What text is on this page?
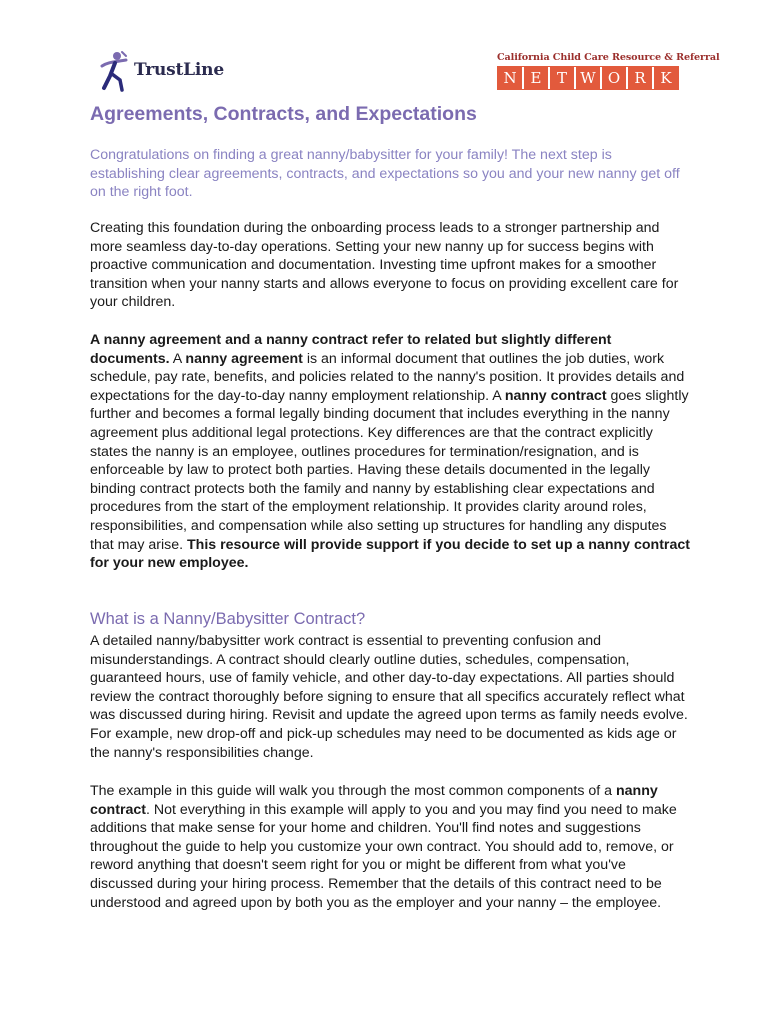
TrustLine
California Child Care Resource & Referral
N E	T W O R K
Agreements, Contracts, and Expectations

Congratulations on finding a great nanny/babysitter for your family! The next step is establishing clear agreements, contracts, and expectations so you and your new nanny get off on the right foot.

Creating this foundation during the onboarding process leads to a stronger partnership and more seamless day-to-day operations. Setting your new nanny up for success begins with proactive communication and documentation. Investing time upfront makes for a smoother transition when your nanny starts and allows everyone to focus on providing excellent care for your children.

A nanny agreement and a nanny contract refer to related but slightly different documents. A nanny agreement is an informal document that outlines the job duties, work schedule, pay rate, benefits, and policies related to the nanny's position. It provides details and expectations for the day-to-day nanny employment relationship. A nanny contract goes slightly further and becomes a formal legally binding document that includes everything in the nanny agreement plus additional legal protections. Key differences are that the contract explicitly states the nanny is an employee, outlines procedures for termination/resignation, and is enforceable by law to protect both parties. Having these details documented in the legally binding contract protects both the family and nanny by establishing clear expectations and procedures from the start of the employment relationship. It provides clarity around roles, responsibilities, and compensation while also setting up structures for handling any disputes that may arise. This resource will provide support if you decide to set up a nanny contract for your new employee.

What is a Nanny/Babysitter Contract?

A detailed nanny/babysitter work contract is essential to preventing confusion and misunderstandings. A contract should clearly outline duties, schedules, compensation, guaranteed hours, use of family vehicle, and other day-to-day expectations. All parties should review the contract thoroughly before signing to ensure that all specifics accurately reflect what was discussed during hiring. Revisit and update the agreed upon terms as family needs evolve. For example, new drop-off and pick-up schedules may need to be documented as kids age or the nanny's responsibilities change.

The example in this guide will walk you through the most common components of a nanny contract. Not everything in this example will apply to you and you may find you need to make additions that make sense for your home and children. You'll find notes and suggestions throughout the guide to help you customize your own contract. You should add to, remove, or reword anything that doesn't seem right for you or might be different from what you've discussed during your hiring process. Remember that the details of this contract need to be understood and agreed upon by both you as the employer and your nanny – the employee.
